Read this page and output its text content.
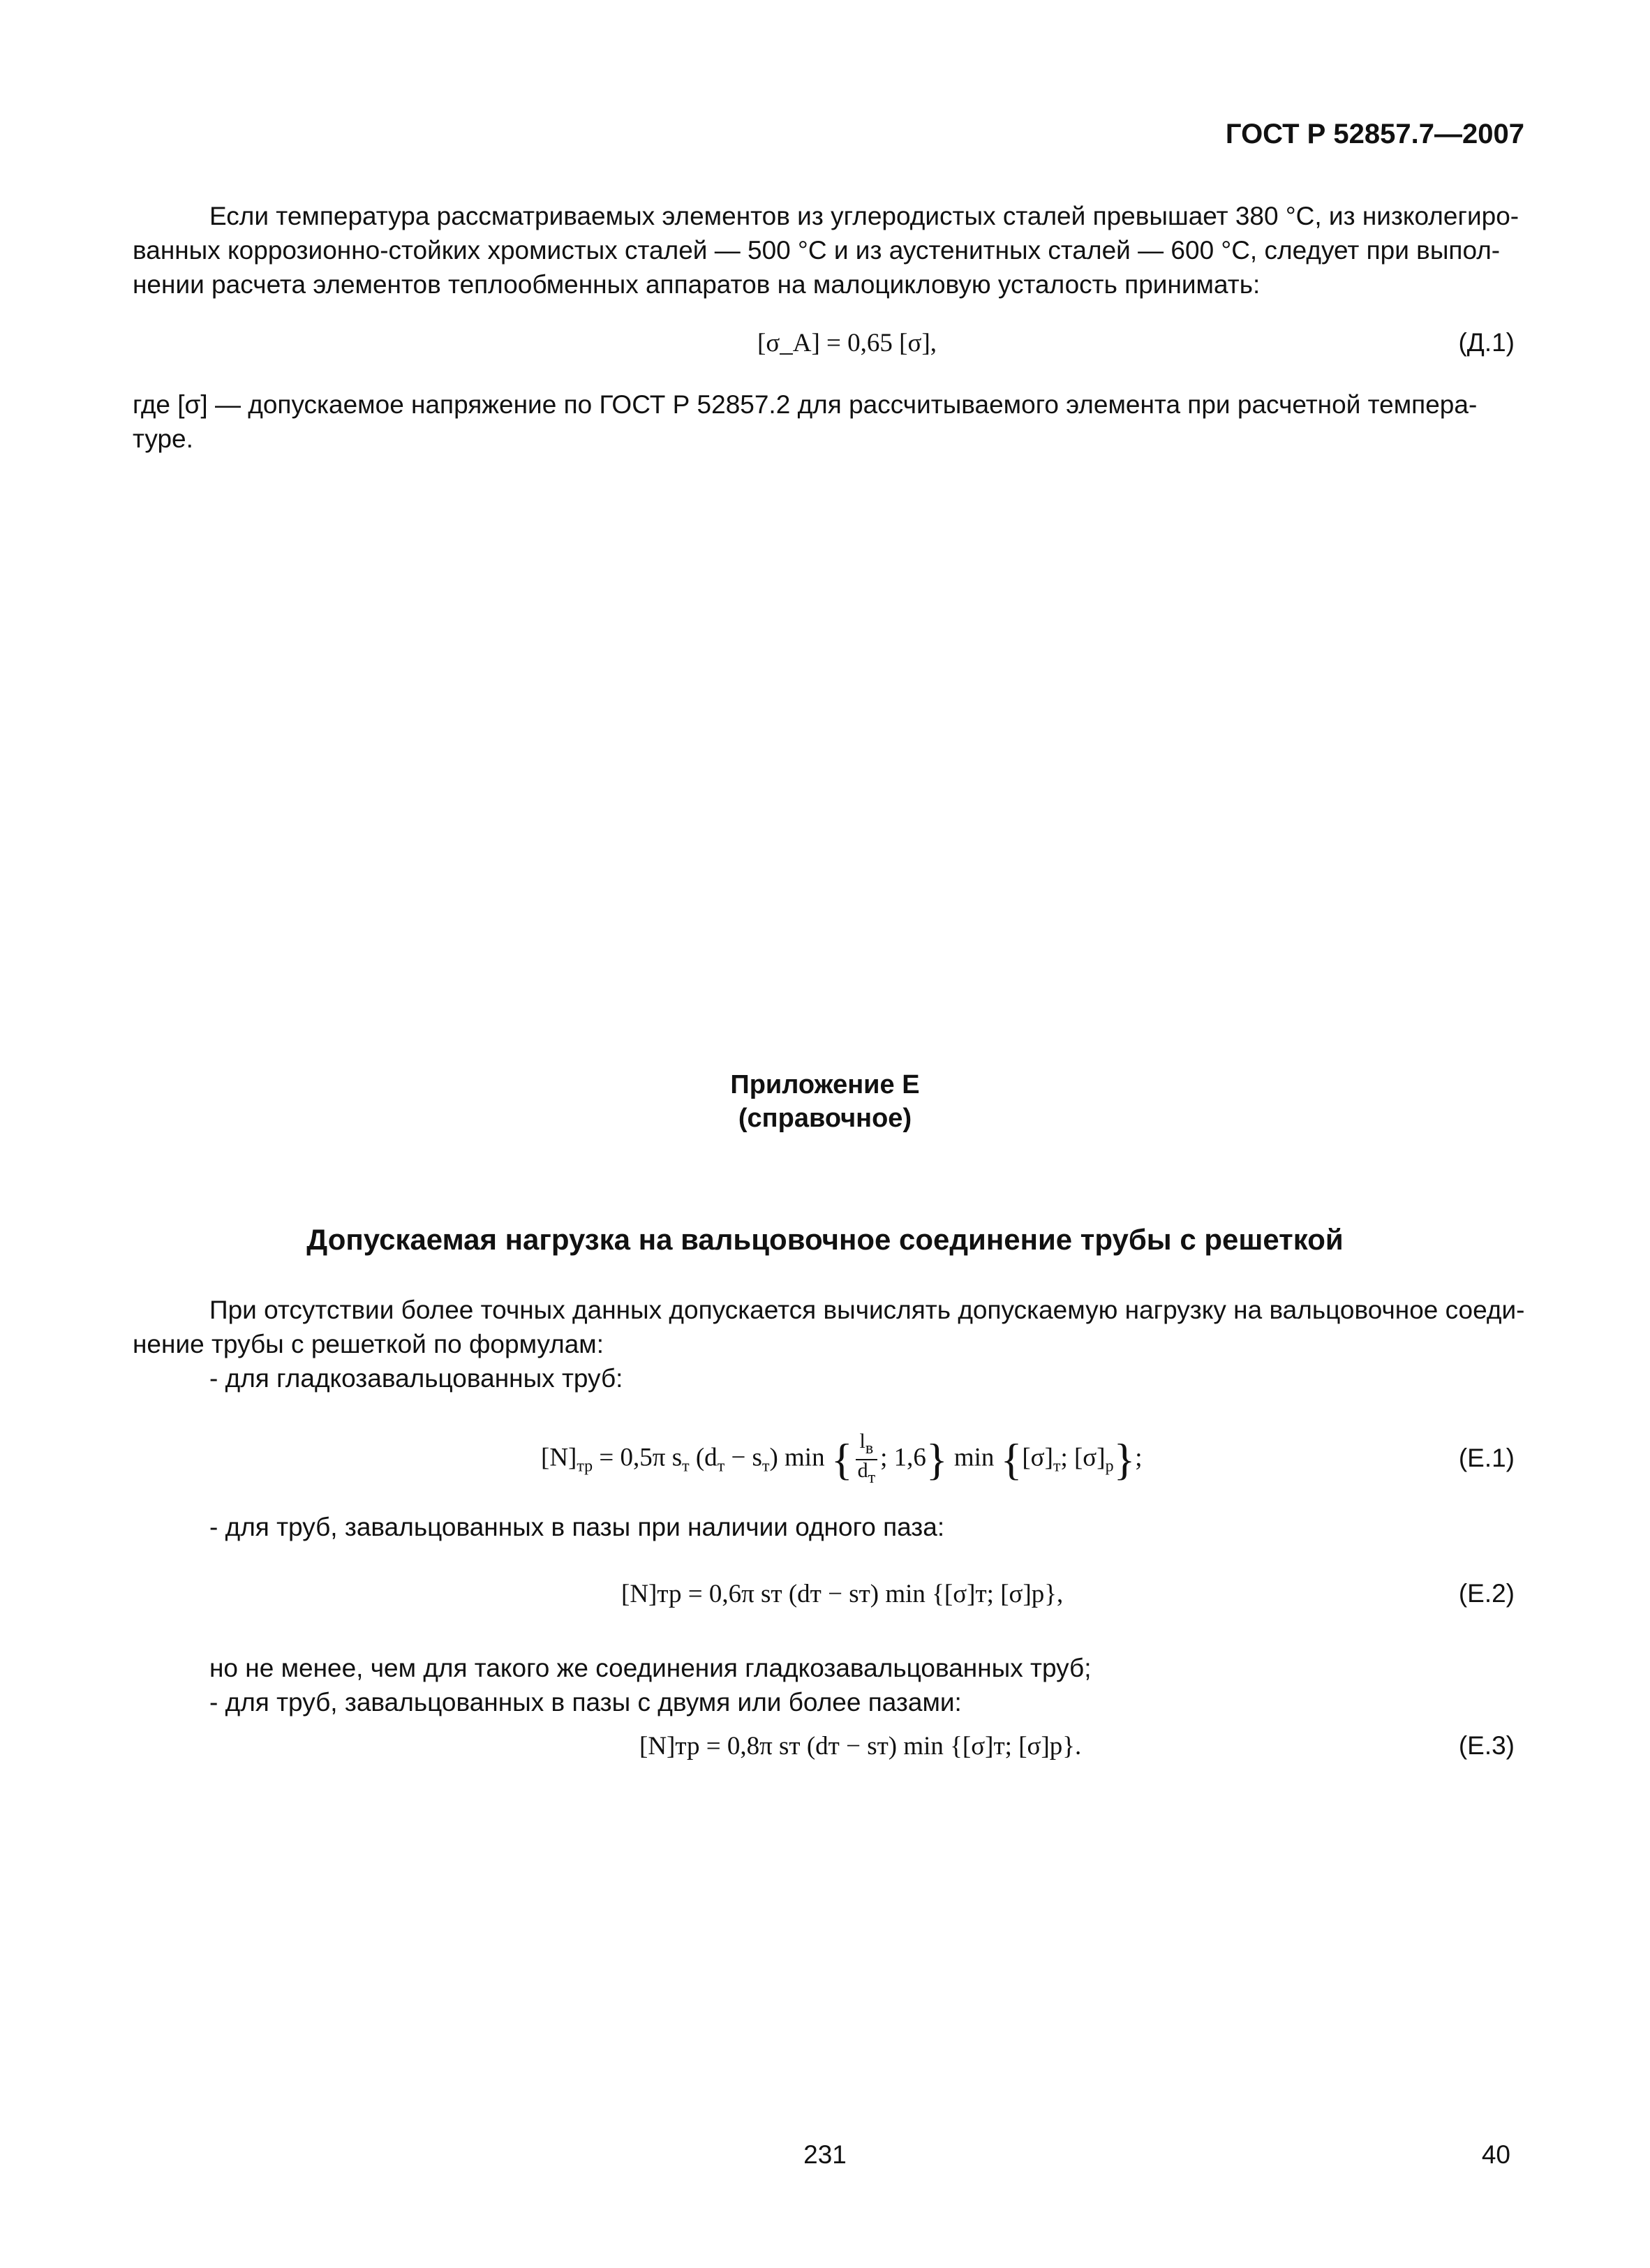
ГОСТ Р 52857.7—2007
Если температура рассматриваемых элементов из углеродистых сталей превышает 380 °С, из низколегиро-
ванных коррозионно-стойких хромистых сталей — 500 °С и из аустенитных сталей — 600 °С, следует при выпол-
нении расчета элементов теплообменных аппаратов на малоцикловую усталость принимать:
[σ_A] = 0,65 [σ],	(Д.1)
где [σ] — допускаемое напряжение по ГОСТ Р 52857.2 для рассчитываемого элемента при расчетной темпера-
туре.
Приложение Е
(справочное)
Допускаемая нагрузка на вальцовочное соединение трубы с решеткой
При отсутствии более точных данных допускается вычислять допускаемую нагрузку на вальцовочное соеди-
нение трубы с решеткой по формулам:
- для гладкозавальцованных труб:
$[N]_{тр} = 0,5\pi$ $s_т$ $(d_т - s_т)$ min { $\frac{l_в}{d_т}$ ; 1,6} $\min \{[\sigma]_т$; $[\sigma]_р$};	(Е.1)
- для труб, завальцованных в пазы при наличии одного паза:
[N]тр = 0,6π sт (dт − sт) min {[σ]т; [σ]р},	(Е.2)
но не менее, чем для такого же соединения гладкозавальцованных труб;
- для труб, завальцованных в пазы с двумя или более пазами:
[N]тр = 0,8π sт (dт − sт) min {[σ]т; [σ]р}.	(Е.3)
231	40
